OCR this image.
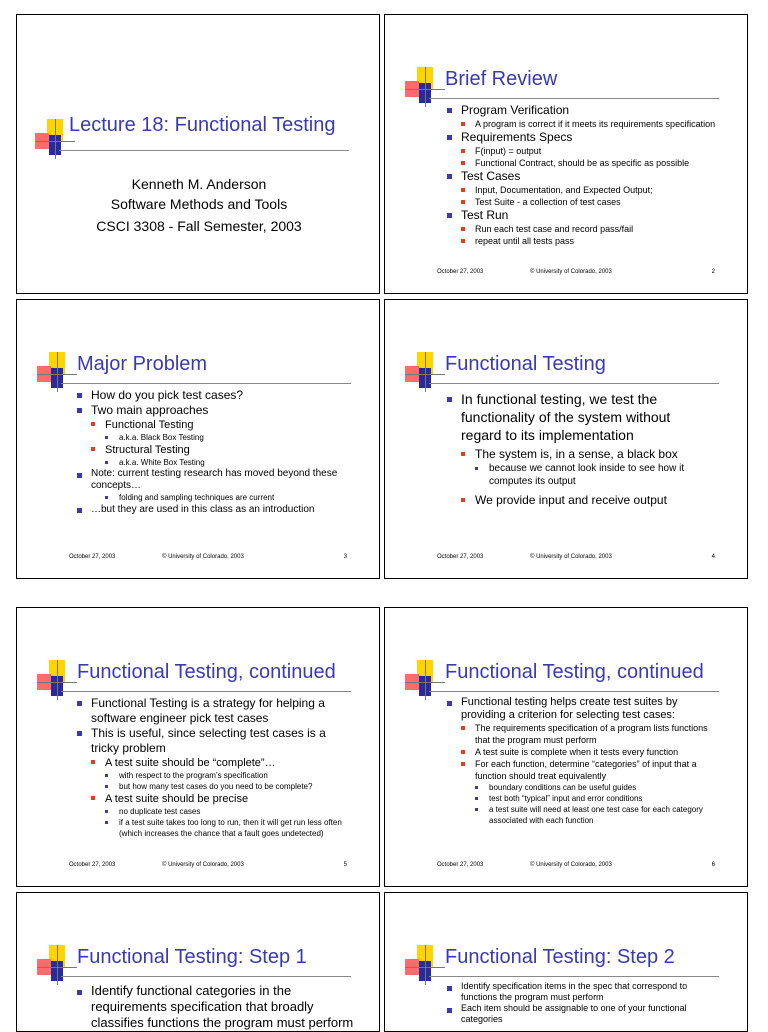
Lecture 18: Functional Testing
Kenneth M. Anderson
Software Methods and Tools
CSCI 3308 - Fall Semester, 2003
Brief Review
Program Verification
A program is correct if it meets its requirements specification
Requirements Specs
F(input) = output
Functional Contract, should be as specific as possible
Test Cases
Input, Documentation, and Expected Output;
Test Suite - a collection of test cases
Test Run
Run each test case and record pass/fail
repeat until all tests pass
October 27, 2003	© University of Colorado, 2003	2
Major Problem
How do you pick test cases?
Two main approaches
Functional Testing
a.k.a. Black Box Testing
Structural Testing
a.k.a. White Box Testing
Note: current testing research has moved beyond these concepts…
folding and sampling techniques are current
…but they are used in this class as an introduction
October 27, 2003	© University of Colorado, 2003	3
Functional Testing
In functional testing, we test the functionality of the system without regard to its implementation
The system is, in a sense, a black box
because we cannot look inside to see how it computes its output
We provide input and receive output
October 27, 2003	© University of Colorado, 2003	4
Functional Testing, continued
Functional Testing is a strategy for helping a software engineer pick test cases
This is useful, since selecting test cases is a tricky problem
A test suite should be “complete”…
with respect to the program’s specification
but how many test cases do you need to be complete?
A test suite should be precise
no duplicate test cases
if a test suite takes too long to run, then it will get run less often (which increases the chance that a fault goes undetected)
October 27, 2003	© University of Colorado, 2003	5
Functional Testing, continued
Functional testing helps create test suites by providing a criterion for selecting test cases:
The requirements specification of a program lists functions that the program must perform
A test suite is complete when it tests every function
For each function, determine “categories” of input that a function should treat equivalently
boundary conditions can be useful guides
test both “typical” input and error conditions
a test suite will need at least one test case for each category associated with each function
October 27, 2003	© University of Colorado, 2003	6
Functional Testing: Step 1
Identify functional categories in the requirements specification that broadly classifies functions the program must perform
Functional Testing: Step 2
Identify specification items in the spec that correspond to functions the program must perform
Each item should be assignable to one of your functional categories
